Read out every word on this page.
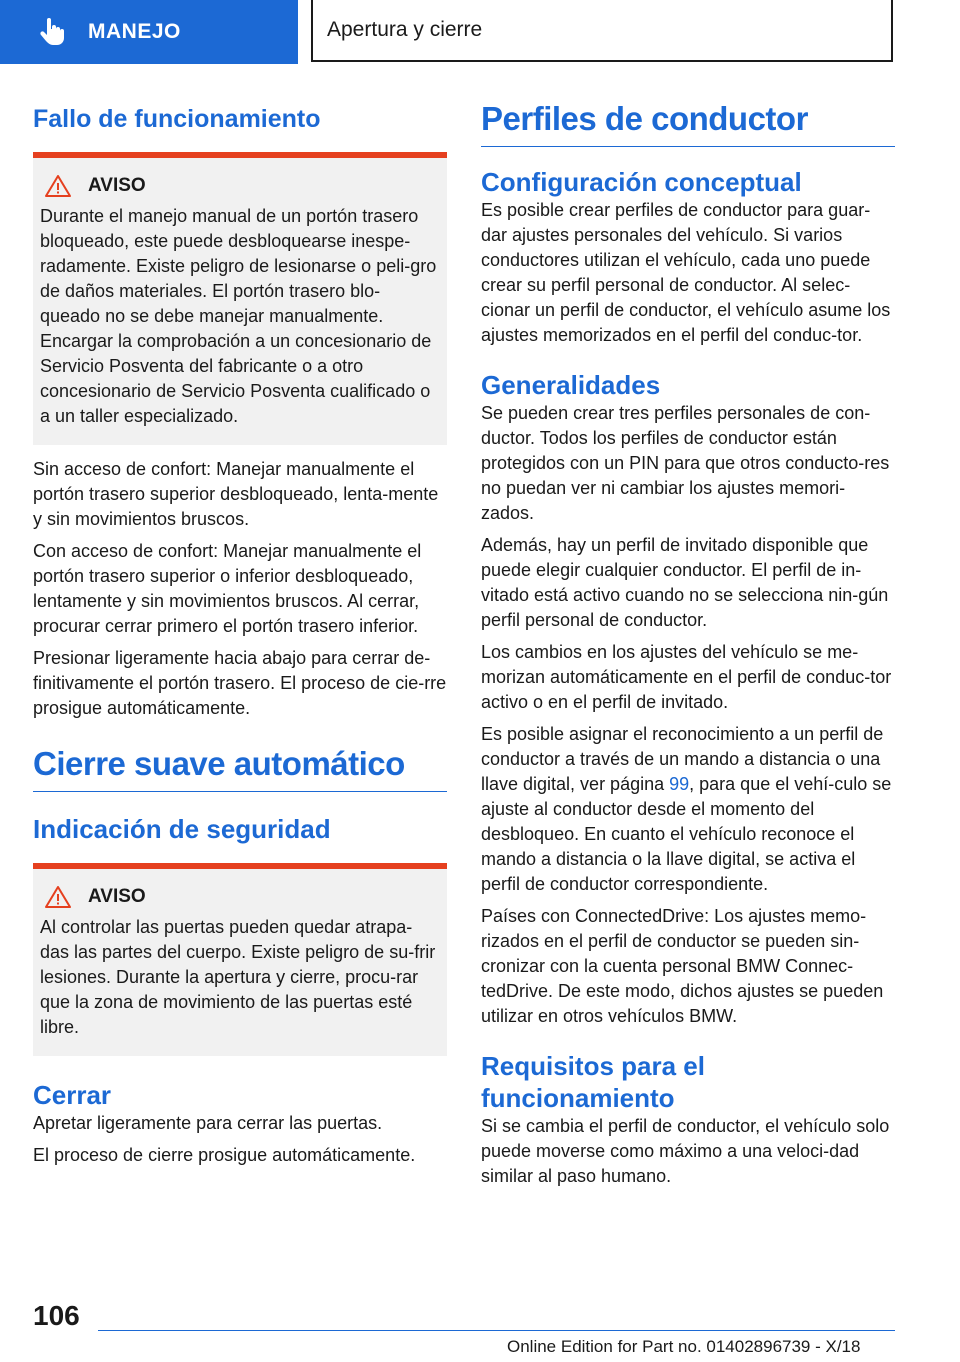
MANEJO	Apertura y cierre
Fallo de funcionamiento
AVISO

Durante el manejo manual de un portón trasero bloqueado, este puede desbloquearse inespe-radamente. Existe peligro de lesionarse o peli-gro de daños materiales. El portón trasero blo-queado no se debe manejar manualmente. Encargar la comprobación a un concesionario de Servicio Posventa del fabricante o a otro concesionario de Servicio Posventa cualificado o a un taller especializado.

Sin acceso de confort: Manejar manualmente el portón trasero superior desbloqueado, lenta-mente y sin movimientos bruscos.

Con acceso de confort: Manejar manualmente el portón trasero superior o inferior desbloqueado, lentamente y sin movimientos bruscos. Al cerrar, procurar cerrar primero el portón trasero inferior.

Presionar ligeramente hacia abajo para cerrar de-finitivamente el portón trasero. El proceso de cie-rre prosigue automáticamente.

Cierre suave automático
Indicación de seguridad
AVISO

Al controlar las puertas pueden quedar atrapa-das las partes del cuerpo. Existe peligro de su-frir lesiones. Durante la apertura y cierre, procu-rar que la zona de movimiento de las puertas esté libre.

Cerrar

Apretar ligeramente para cerrar las puertas.

El proceso de cierre prosigue automáticamente.

Perfiles de conductor
Configuración conceptual

Es posible crear perfiles de conductor para guar-dar ajustes personales del vehículo. Si varios conductores utilizan el vehículo, cada uno puede crear su perfil personal de conductor. Al selec-cionar un perfil de conductor, el vehículo asume los ajustes memorizados en el perfil del conduc-tor.

Generalidades

Se pueden crear tres perfiles personales de con-ductor. Todos los perfiles de conductor están protegidos con un PIN para que otros conducto-res no puedan ver ni cambiar los ajustes memori-zados.

Además, hay un perfil de invitado disponible que puede elegir cualquier conductor. El perfil de in-vitado está activo cuando no se selecciona nin-gún perfil personal de conductor.

Los cambios en los ajustes del vehículo se me-morizan automáticamente en el perfil de conduc-tor activo o en el perfil de invitado.

Es posible asignar el reconocimiento a un perfil de conductor a través de un mando a distancia o una llave digital, ver página 99, para que el vehí-culo se ajuste al conductor desde el momento del desbloqueo. En cuanto el vehículo reconoce el mando a distancia o la llave digital, se activa el perfil de conductor correspondiente.

Países con ConnectedDrive: Los ajustes memo-rizados en el perfil de conductor se pueden sin-cronizar con la cuenta personal BMW Connec-tedDrive. De este modo, dichos ajustes se pueden utilizar en otros vehículos BMW.

Requisitos para el funcionamiento

Si se cambia el perfil de conductor, el vehículo solo puede moverse como máximo a una veloci-dad similar al paso humano.

106
Online Edition for Part no. 01402896739 - X/18
